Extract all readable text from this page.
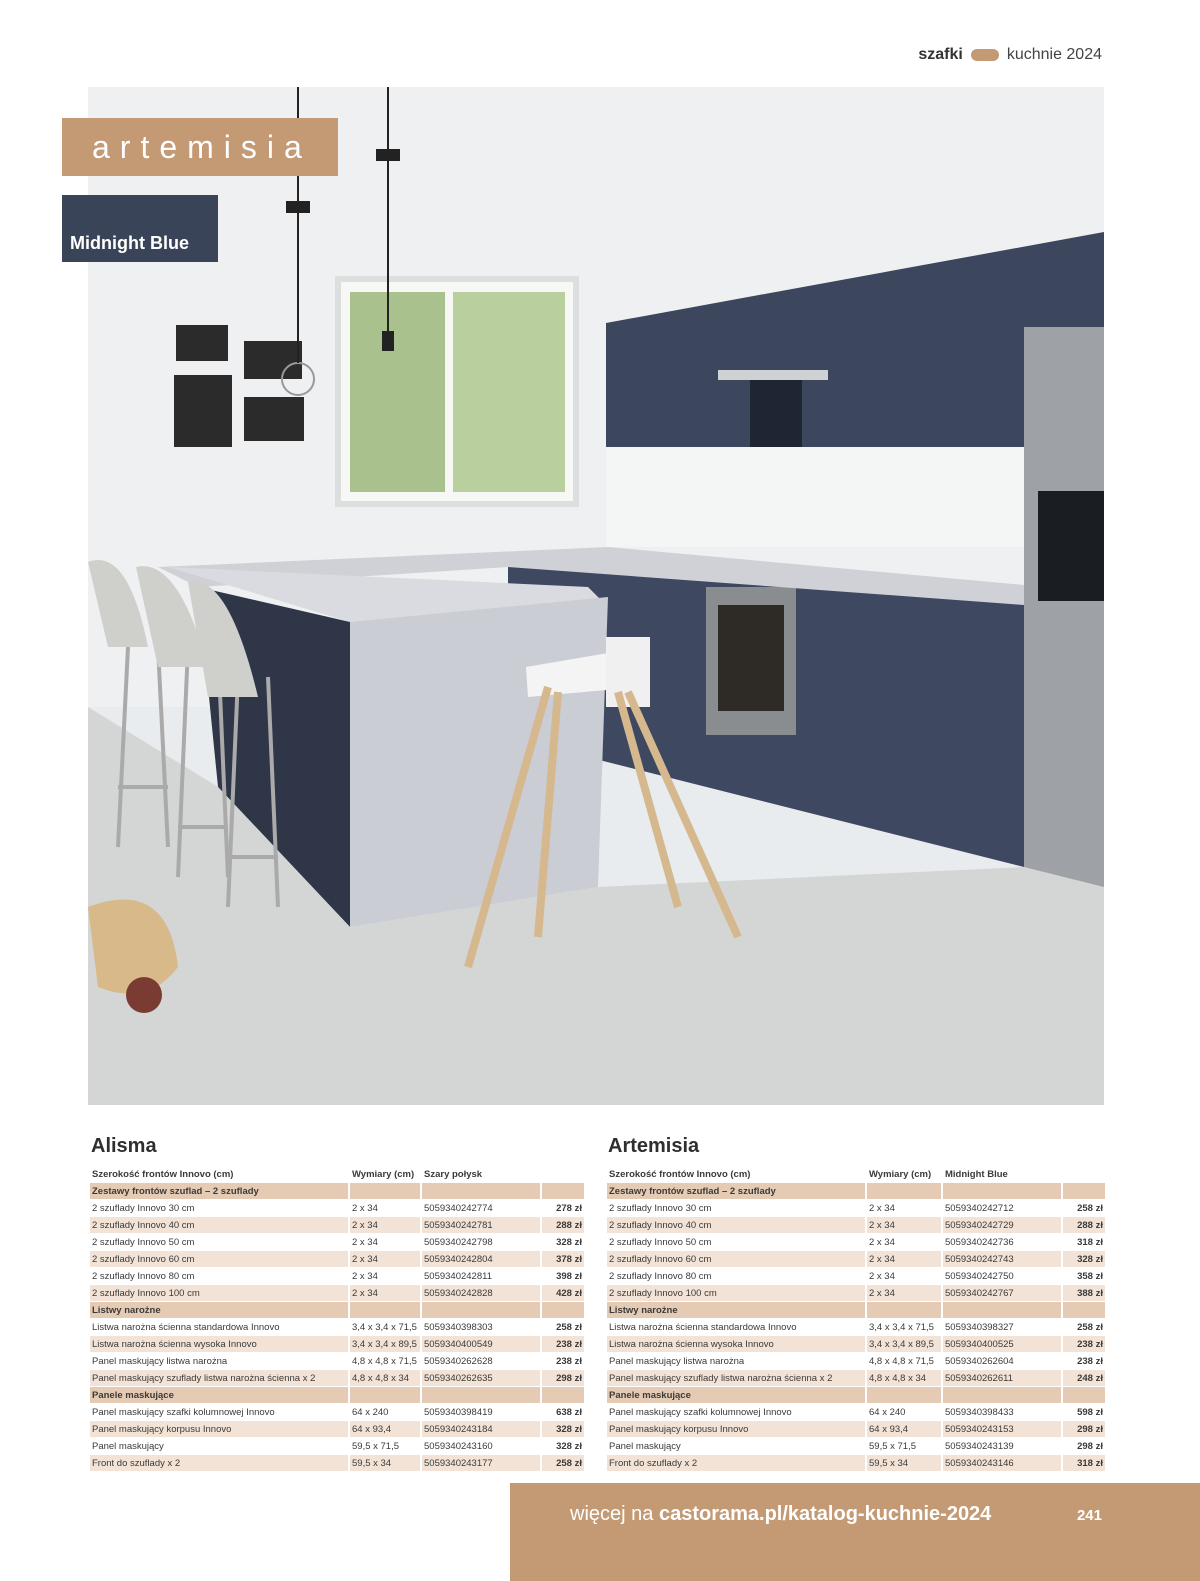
szafki	kuchnie 2024
artemisia
Midnight Blue
Alisma
Szerokość frontów Innovo (cm)	Wymiary (cm)	Szary połysk	
Zestawy frontów szuflad – 2 szuflady			
2 szuflady Innovo 30 cm	2 x 34	5059340242774	278 zł
2 szuflady Innovo 40 cm	2 x 34	5059340242781	288 zł
2 szuflady Innovo 50 cm	2 x 34	5059340242798	328 zł
2 szuflady Innovo 60 cm	2 x 34	5059340242804	378 zł
2 szuflady Innovo 80 cm	2 x 34	5059340242811	398 zł
2 szuflady Innovo 100 cm	2 x 34	5059340242828	428 zł
Listwy narożne			
Listwa narożna ścienna standardowa Innovo	3,4 x 3,4 x 71,5	5059340398303	258 zł
Listwa narożna ścienna wysoka Innovo	3,4 x 3,4 x 89,5	5059340400549	238 zł
Panel maskujący listwa narożna	4,8 x 4,8 x 71,5	5059340262628	238 zł
Panel maskujący szuflady listwa narożna ścienna x 2	4,8 x 4,8 x 34	5059340262635	298 zł
Panele maskujące			
Panel maskujący szafki kolumnowej Innovo	64 x 240	5059340398419	638 zł
Panel maskujący korpusu Innovo	64 x 93,4	5059340243184	328 zł
Panel maskujący	59,5 x 71,5	5059340243160	328 zł
Front do szuflady x 2	59,5 x 34	5059340243177	258 zł
Artemisia
Szerokość frontów Innovo (cm)	Wymiary (cm)	Midnight Blue	
Zestawy frontów szuflad – 2 szuflady			
2 szuflady Innovo 30 cm	2 x 34	5059340242712	258 zł
2 szuflady Innovo 40 cm	2 x 34	5059340242729	288 zł
2 szuflady Innovo 50 cm	2 x 34	5059340242736	318 zł
2 szuflady Innovo 60 cm	2 x 34	5059340242743	328 zł
2 szuflady Innovo 80 cm	2 x 34	5059340242750	358 zł
2 szuflady Innovo 100 cm	2 x 34	5059340242767	388 zł
Listwy narożne			
Listwa narożna ścienna standardowa Innovo	3,4 x 3,4 x 71,5	5059340398327	258 zł
Listwa narożna ścienna wysoka Innovo	3,4 x 3,4 x 89,5	5059340400525	238 zł
Panel maskujący listwa narożna	4,8 x 4,8 x 71,5	5059340262604	238 zł
Panel maskujący szuflady listwa narożna ścienna x 2	4,8 x 4,8 x 34	5059340262611	248 zł
Panele maskujące			
Panel maskujący szafki kolumnowej Innovo	64 x 240	5059340398433	598 zł
Panel maskujący korpusu Innovo	64 x 93,4	5059340243153	298 zł
Panel maskujący	59,5 x 71,5	5059340243139	298 zł
Front do szuflady x 2	59,5 x 34	5059340243146	318 zł
więcej na castorama.pl/katalog-kuchnie-2024	241
